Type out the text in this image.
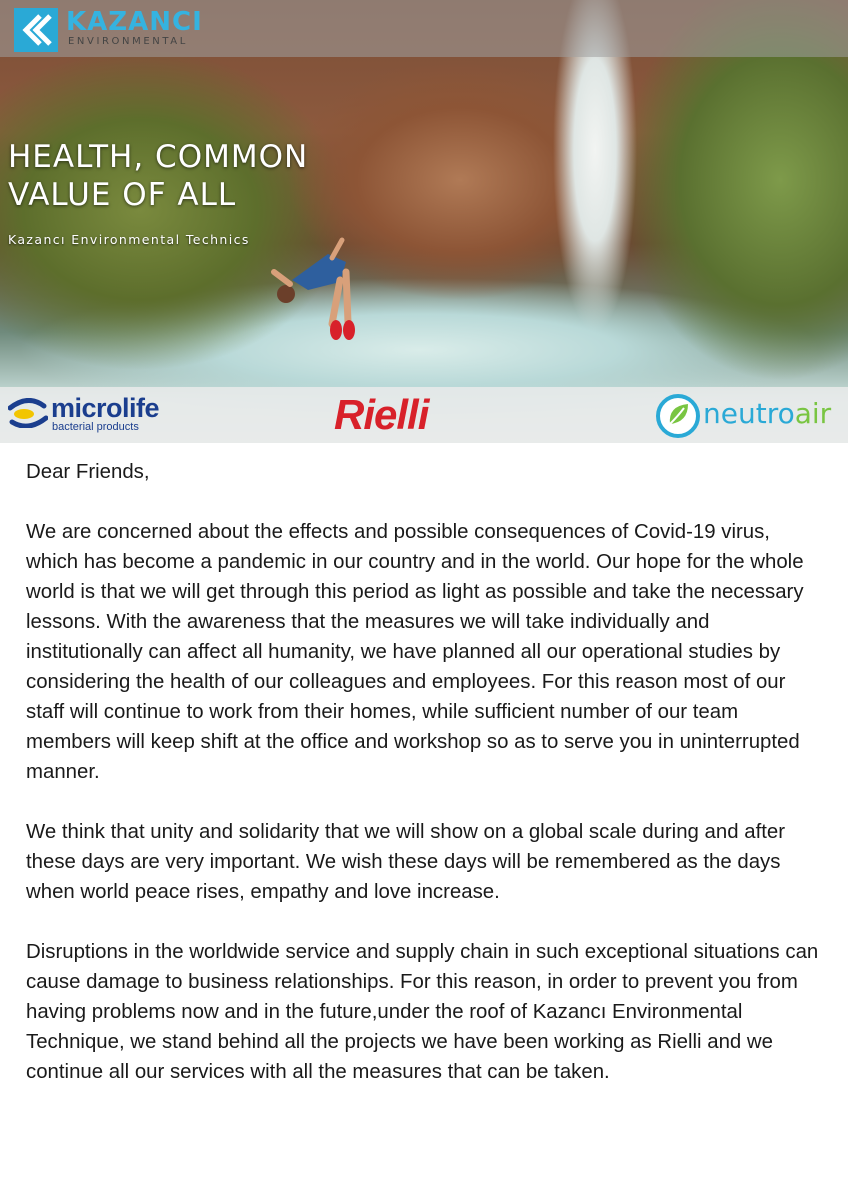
KAZANCI
ENVIRONMENTAL
HEALTH, COMMON
VALUE OF ALL
Kazancı Environmental Technics
microlife
bacterial products	Rielli	neutroair

Dear Friends,

We are concerned about the effects and possible consequences of Covid-19 virus, which has become a pandemic in our country and in the world. Our hope for the whole world is that we will get through this period as light as possible and take the necessary lessons. With the awareness that the measures we will take individually and institutionally can affect all humanity, we have planned all our operational studies by considering the health of our colleagues and employees. For this reason most of our staff will continue to work from their homes, while sufficient number of our team members will keep shift at the office and workshop so as to serve you in uninterrupted manner.

We think that unity and solidarity that we will show on a global scale during and after these days are very important. We wish these days will be remembered as the days when world peace rises, empathy and love increase.

Disruptions in the worldwide service and supply chain in such exceptional situations can cause damage to business relationships. For this reason, in order to prevent you from having problems now and in the future,under the roof of Kazancı Environmental Technique, we stand behind all the projects we have been working as Rielli and we continue all our services with all the measures that can be taken.
